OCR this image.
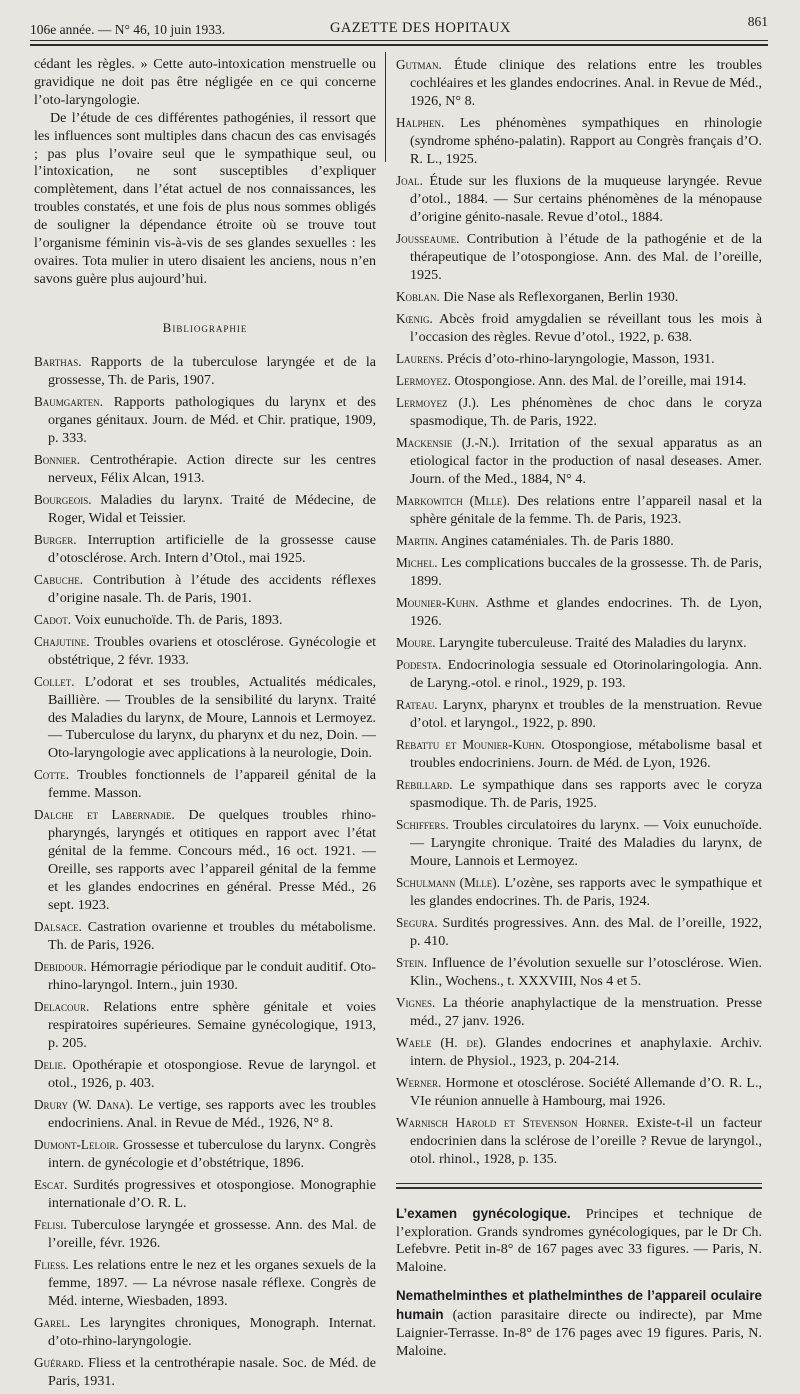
106e année. — N° 46, 10 juin 1933.	GAZETTE DES HOPITAUX	861

cédant les règles. » Cette auto-intoxication menstruelle ou gravidique ne doit pas être négligée en ce qui concerne l’oto-laryngologie.

De l’étude de ces différentes pathogénies, il ressort que les influences sont multiples dans chacun des cas envisagés ; pas plus l’ovaire seul que le sympathique seul, ou l’intoxication, ne sont susceptibles d’expliquer complètement, dans l’état actuel de nos connaissances, les troubles constatés, et une fois de plus nous sommes obligés de souligner la dépendance étroite où se trouve tout l’organisme féminin vis-à-vis de ses glandes sexuelles : les ovaires. Tota mulier in utero disaient les anciens, nous n’en savons guère plus aujourd’hui.

Bibliographie

Barthas. Rapports de la tuberculose laryngée et de la grossesse, Th. de Paris, 1907.

Baumgarten. Rapports pathologiques du larynx et des organes génitaux. Journ. de Méd. et Chir. pratique, 1909, p. 333.

Bonnier. Centrothérapie. Action directe sur les centres nerveux, Félix Alcan, 1913.

Bourgeois. Maladies du larynx. Traité de Médecine, de Roger, Widal et Teissier.

Burger. Interruption artificielle de la grossesse cause d’otosclérose. Arch. Intern d’Otol., mai 1925.

Cabuche. Contribution à l’étude des accidents réflexes d’origine nasale. Th. de Paris, 1901.

Cadot. Voix eunuchoïde. Th. de Paris, 1893.

Chajutine. Troubles ovariens et otosclérose. Gynécologie et obstétrique, 2 févr. 1933.

Collet. L’odorat et ses troubles, Actualités médicales, Baillière. — Troubles de la sensibilité du larynx. Traité des Maladies du larynx, de Moure, Lannois et Lermoyez. — Tuberculose du larynx, du pharynx et du nez, Doin. — Oto-laryngologie avec applications à la neurologie, Doin.

Cotte. Troubles fonctionnels de l’appareil génital de la femme. Masson.

Dalche et Labernadie. De quelques troubles rhino-pharyngés, laryngés et otitiques en rapport avec l’état génital de la femme. Concours méd., 16 oct. 1921. — Oreille, ses rapports avec l’appareil génital de la femme et les glandes endocrines en général. Presse Méd., 26 sept. 1923.

Dalsace. Castration ovarienne et troubles du métabolisme. Th. de Paris, 1926.

Debidour. Hémorragie périodique par le conduit auditif. Oto-rhino-laryngol. Intern., juin 1930.

Delacour. Relations entre sphère génitale et voies respiratoires supérieures. Semaine gynécologique, 1913, p. 205.

Delie. Opothérapie et otospongiose. Revue de laryngol. et otol., 1926, p. 403.

Drury (W. Dana). Le vertige, ses rapports avec les troubles endocriniens. Anal. in Revue de Méd., 1926, N° 8.

Dumont-Leloir. Grossesse et tuberculose du larynx. Congrès intern. de gynécologie et d’obstétrique, 1896.

Escat. Surdités progressives et otospongiose. Monographie internationale d’O. R. L.

Felisi. Tuberculose laryngée et grossesse. Ann. des Mal. de l’oreille, févr. 1926.

Fliess. Les relations entre le nez et les organes sexuels de la femme, 1897. — La névrose nasale réflexe. Congrès de Méd. interne, Wiesbaden, 1893.

Garel. Les laryngites chroniques, Monograph. Internat. d’oto-rhino-laryngologie.

Guérard. Fliess et la centrothérapie nasale. Soc. de Méd. de Paris, 1931.

Gutman. Étude clinique des relations entre les troubles cochléaires et les glandes endocrines. Anal. in Revue de Méd., 1926, N° 8.

Halphen. Les phénomènes sympathiques en rhinologie (syndrome sphéno-palatin). Rapport au Congrès français d’O. R. L., 1925.

Joal. Étude sur les fluxions de la muqueuse laryngée. Revue d’otol., 1884. — Sur certains phénomènes de la ménopause d’origine génito-nasale. Revue d’otol., 1884.

Jousseaume. Contribution à l’étude de la pathogénie et de la thérapeutique de l’otospongiose. Ann. des Mal. de l’oreille, 1925.

Koblan. Die Nase als Reflexorganen, Berlin 1930.

Kœnig. Abcès froid amygdalien se réveillant tous les mois à l’occasion des règles. Revue d’otol., 1922, p. 638.

Laurens. Précis d’oto-rhino-laryngologie, Masson, 1931.

Lermoyez. Otospongiose. Ann. des Mal. de l’oreille, mai 1914.

Lermoyez (J.). Les phénomènes de choc dans le coryza spasmodique, Th. de Paris, 1922.

Mackensie (J.-N.). Irritation of the sexual apparatus as an etiological factor in the production of nasal deseases. Amer. Journ. of the Med., 1884, N° 4.

Markowitch (Mlle). Des relations entre l’appareil nasal et la sphère génitale de la femme. Th. de Paris, 1923.

Martin. Angines cataméniales. Th. de Paris 1880.

Michel. Les complications buccales de la grossesse. Th. de Paris, 1899.

Mounier-Kuhn. Asthme et glandes endocrines. Th. de Lyon, 1926.

Moure. Laryngite tuberculeuse. Traité des Maladies du larynx.

Podesta. Endocrinologia sessuale ed Otorinolaringologia. Ann. de Laryng.-otol. e rinol., 1929, p. 193.

Rateau. Larynx, pharynx et troubles de la menstruation. Revue d’otol. et laryngol., 1922, p. 890.

Rebattu et Mounier-Kuhn. Otospongiose, métabolisme basal et troubles endocriniens. Journ. de Méd. de Lyon, 1926.

Rebillard. Le sympathique dans ses rapports avec le coryza spasmodique. Th. de Paris, 1925.

Schiffers. Troubles circulatoires du larynx. — Voix eunuchoïde. — Laryngite chronique. Traité des Maladies du larynx, de Moure, Lannois et Lermoyez.

Schulmann (Mlle). L’ozène, ses rapports avec le sympathique et les glandes endocrines. Th. de Paris, 1924.

Segura. Surdités progressives. Ann. des Mal. de l’oreille, 1922, p. 410.

Stein. Influence de l’évolution sexuelle sur l’otosclérose. Wien. Klin., Wochens., t. XXXVIII, Nos 4 et 5.

Vignes. La théorie anaphylactique de la menstruation. Presse méd., 27 janv. 1926.

Waele (H. de). Glandes endocrines et anaphylaxie. Archiv. intern. de Physiol., 1923, p. 204-214.

Werner. Hormone et otosclérose. Société Allemande d’O. R. L., VIe réunion annuelle à Hambourg, mai 1926.

Warnisch Harold et Stevenson Horner. Existe-t-il un facteur endocrinien dans la sclérose de l’oreille ? Revue de laryngol., otol. rhinol., 1928, p. 135.

L’examen gynécologique. Principes et technique de l’exploration. Grands syndromes gynécologiques, par le Dr Ch. Lefebvre. Petit in-8° de 167 pages avec 33 figures. — Paris, N. Maloine.

Nemathelminthes et plathelminthes de l’appareil oculaire humain (action parasitaire directe ou indirecte), par Mme Laignier-Terrasse. In-8° de 176 pages avec 19 figures. Paris, N. Maloine.
